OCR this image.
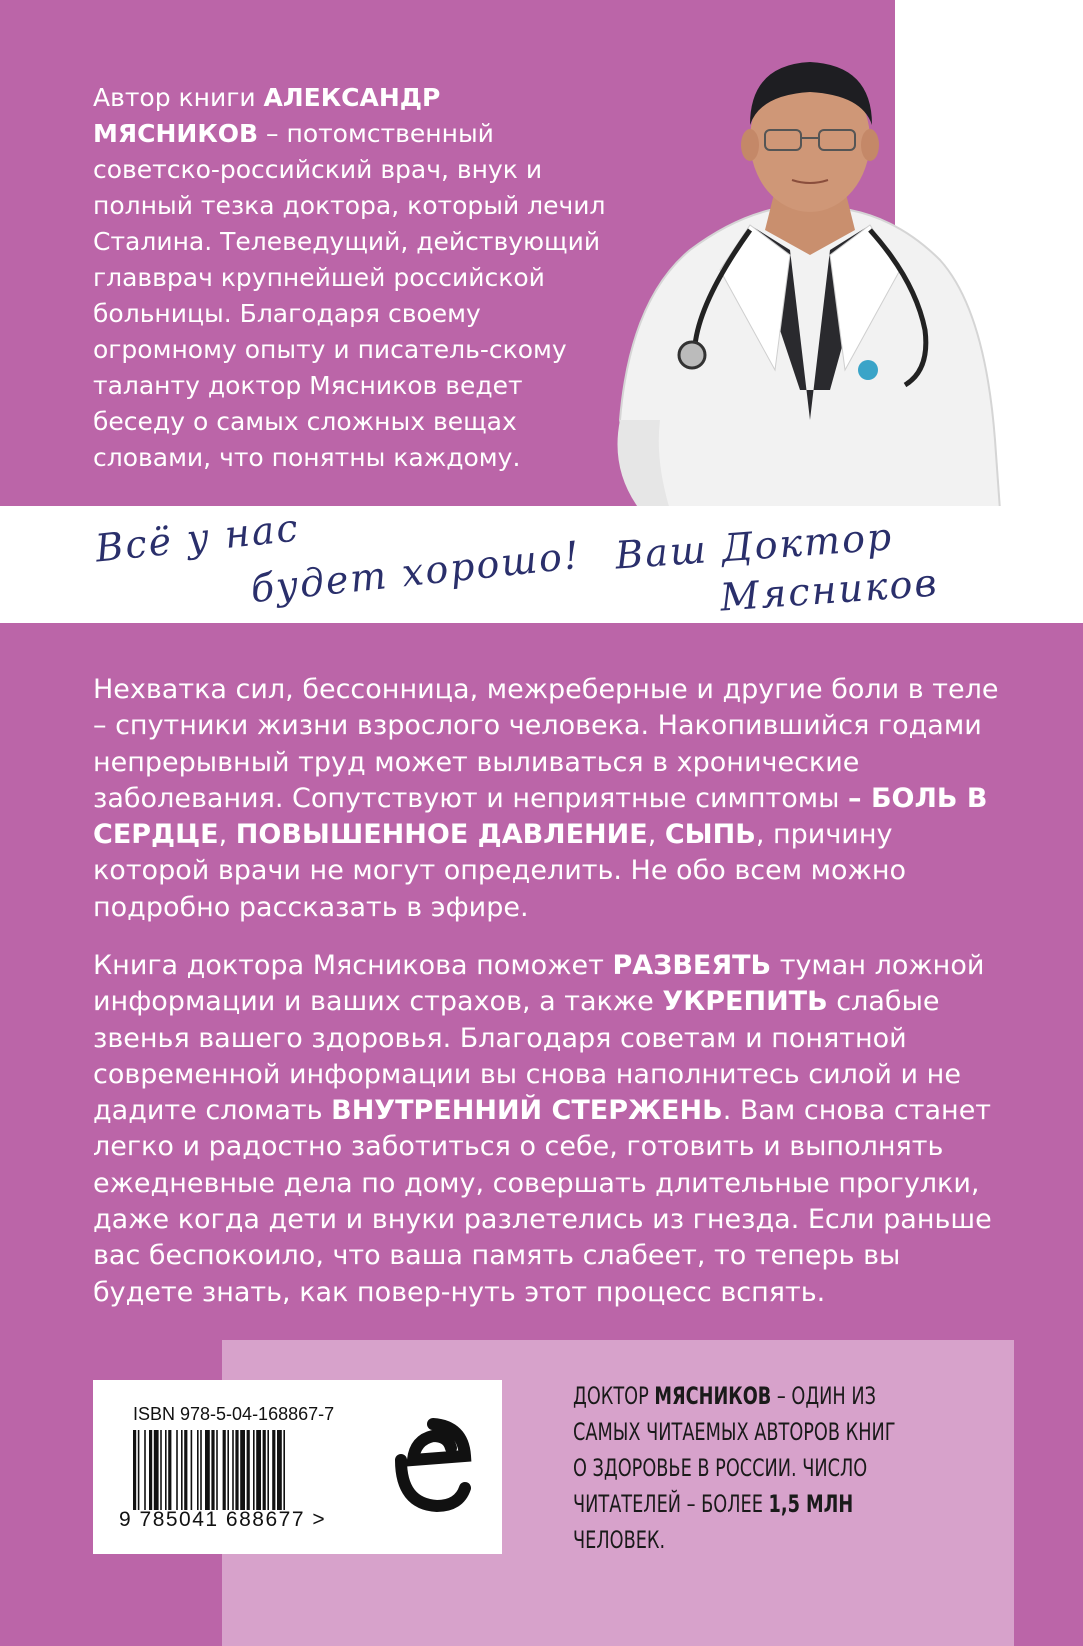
Автор книги АЛЕКСАНДР МЯСНИКОВ – потомственный советско-российский врач, внук и полный тезка доктора, который лечил Сталина. Телеведущий, действующий главврач крупнейшей российской больницы. Благодаря своему огромному опыту и писатель-скому таланту доктор Мясников ведет беседу о самых сложных вещах словами, что понятны каждому.
Всё у нас
будет хорошо! Ваш Доктор
Мясников
Нехватка сил, бессонница, межреберные и другие боли в теле – спутники жизни взрослого человека. Накопившийся годами непрерывный труд может выливаться в хронические заболевания. Сопутствуют и неприятные симптомы – БОЛЬ В СЕРДЦЕ, ПОВЫШЕННОЕ ДАВЛЕНИЕ, СЫПЬ, причину которой врачи не могут определить. Не обо всем можно подробно рассказать в эфире.
Книга доктора Мясникова поможет РАЗВЕЯТЬ туман ложной информации и ваших страхов, а также УКРЕПИТЬ слабые звенья вашего здоровья. Благодаря советам и понятной современной информации вы снова наполнитесь силой и не дадите сломать ВНУТРЕННИЙ СТЕРЖЕНЬ. Вам снова станет легко и радостно заботиться о себе, готовить и выполнять ежедневные дела по дому, совершать длительные прогулки, даже когда дети и внуки разлетелись из гнезда. Если раньше вас беспокоило, что ваша память слабеет, то теперь вы будете знать, как повер-нуть этот процесс вспять.
ISBN 978-5-04-168867-7
9 785041 688677 >
ДОКТОР МЯСНИКОВ – ОДИН ИЗ САМЫХ ЧИТАЕМЫХ АВТОРОВ КНИГ О ЗДОРОВЬЕ В РОССИИ. ЧИСЛО ЧИТАТЕЛЕЙ – БОЛЕЕ 1,5 МЛН ЧЕЛОВЕК.
